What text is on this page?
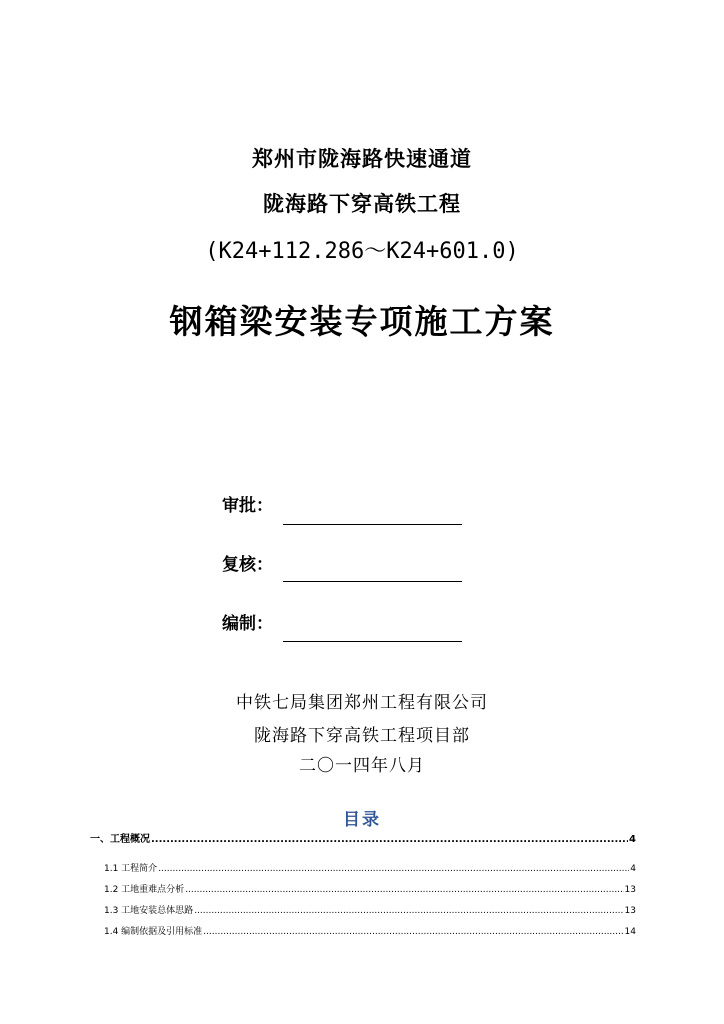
郑州市陇海路快速通道
陇海路下穿高铁工程
(K24+112.286～K24+601.0)
钢箱梁安装专项施工方案
审批：
复核：
编制：
中铁七局集团郑州工程有限公司
陇海路下穿高铁工程项目部
二〇一四年八月
目录
一、工程概况 .....	4
1.1 工程简介 .....	4
1.2 工地重难点分析 .....	13
1.3 工地安装总体思路 .....	13
1.4 编制依据及引用标准 .....	14
